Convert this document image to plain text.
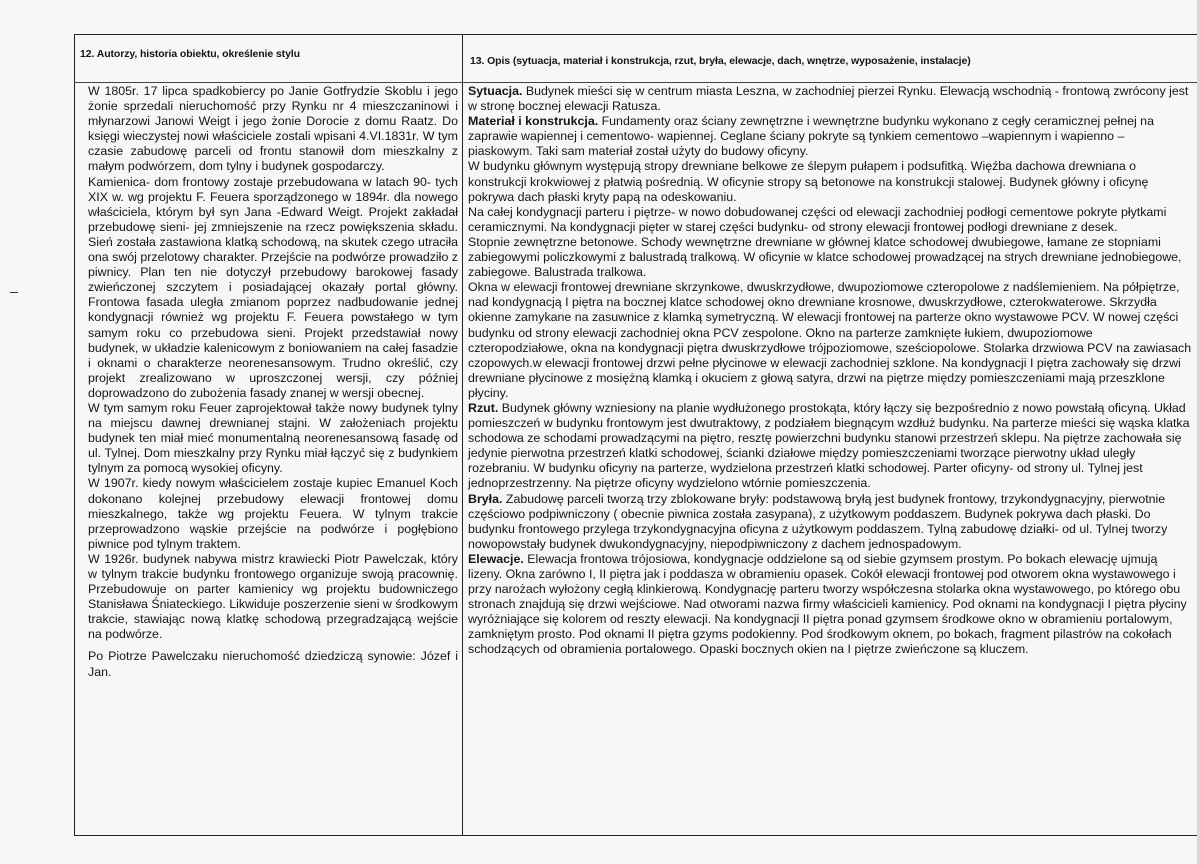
12. Autorzy, historia obiektu, określenie stylu
13. Opis (sytuacja, materiał i konstrukcja, rzut, bryła, elewacje, dach, wnętrze, wyposażenie, instalacje)

W 1805r. 17 lipca spadkobiercy po Janie Gotfrydzie Skoblu i jego żonie sprzedali nieruchomość przy Rynku nr 4 mieszczaninowi i młynarzowi Janowi Weigt i jego żonie Dorocie z domu Raatz. Do księgi wieczystej nowi właściciele zostali wpisani 4.VI.1831r. W tym czasie zabudowę parceli od frontu stanowił dom mieszkalny z małym podwórzem, dom tylny i budynek gospodarczy.

Kamienica- dom frontowy zostaje przebudowana w latach 90- tych XIX w. wg projektu F. Feuera sporządzonego w 1894r. dla nowego właściciela, którym był syn Jana -Edward Weigt. Projekt zakładał przebudowę sieni- jej zmniejszenie na rzecz powiększenia składu. Sień została zastawiona klatką schodową, na skutek czego utraciła ona swój przelotowy charakter. Przejście na podwórze prowadziło z piwnicy. Plan ten nie dotyczył przebudowy barokowej fasady zwieńczonej szczytem i posiadającej okazały portal główny. Frontowa fasada uległa zmianom poprzez nadbudowanie jednej kondygnacji również wg projektu F. Feuera powstałego w tym samym roku co przebudowa sieni. Projekt przedstawiał nowy budynek, w układzie kalenicowym z boniowaniem na całej fasadzie i oknami o charakterze neorenesansowym. Trudno określić, czy projekt zrealizowano w uproszczonej wersji, czy później doprowadzono do zubożenia fasady znanej w wersji obecnej.

W tym samym roku Feuer zaprojektował także nowy budynek tylny na miejscu dawnej drewnianej stajni. W założeniach projektu budynek ten miał mieć monumentalną neorenesansową fasadę od ul. Tylnej. Dom mieszkalny przy Rynku miał łączyć się z budynkiem tylnym za pomocą wysokiej oficyny.

W 1907r. kiedy nowym właścicielem zostaje kupiec Emanuel Koch dokonano kolejnej przebudowy elewacji frontowej domu mieszkalnego, także wg projektu Feuera. W tylnym trakcie przeprowadzono wąskie przejście na podwórze i pogłębiono piwnice pod tylnym traktem.

W 1926r. budynek nabywa mistrz krawiecki Piotr Pawelczak, który w tylnym trakcie budynku frontowego organizuje swoją pracownię. Przebudowuje on parter kamienicy wg projektu budowniczego Stanisława Śniateckiego. Likwiduje poszerzenie sieni w środkowym trakcie, stawiając nową klatkę schodową przegradzającą wejście na podwórze.

Po Piotrze Pawelczaku nieruchomość dziedziczą synowie: Józef i Jan.

Sytuacja. Budynek mieści się w centrum miasta Leszna, w zachodniej pierzei Rynku. Elewacją wschodnią - frontową zwrócony jest w stronę bocznej elewacji Ratusza.

Materiał i konstrukcja. Fundamenty oraz ściany zewnętrzne i wewnętrzne budynku wykonano z cegły ceramicznej pełnej na zaprawie wapiennej i cementowo- wapiennej. Ceglane ściany pokryte są tynkiem cementowo –wapiennym i wapienno – piaskowym. Taki sam materiał został użyty do budowy oficyny.

W budynku głównym występują stropy drewniane belkowe ze ślepym pułapem i podsufitką. Więźba dachowa drewniana o konstrukcji krokwiowej z płatwią pośrednią. W oficynie stropy są betonowe na konstrukcji stalowej. Budynek główny i oficynę pokrywa dach płaski kryty papą na odeskowaniu.

Na całej kondygnacji parteru i piętrze- w nowo dobudowanej części od elewacji zachodniej podłogi cementowe pokryte płytkami ceramicznymi. Na kondygnacji pięter w starej części budynku- od strony elewacji frontowej podłogi drewniane z desek.

Stopnie zewnętrzne betonowe. Schody wewnętrzne drewniane w głównej klatce schodowej dwubiegowe, łamane ze stopniami zabiegowymi policzkowymi z balustradą tralkową. W oficynie w klatce schodowej prowadzącej na strych drewniane jednobiegowe, zabiegowe. Balustrada tralkowa.

Okna w elewacji frontowej drewniane skrzynkowe, dwuskrzydłowe, dwupoziomowe czteropolowe z nadślemieniem. Na półpiętrze, nad kondygnacją I piętra na bocznej klatce schodowej okno drewniane krosnowe, dwuskrzydłowe, czterokwaterowe. Skrzydła okienne zamykane na zasuwnice z klamką symetryczną. W elewacji frontowej na parterze okno wystawowe PCV. W nowej części budynku od strony elewacji zachodniej okna PCV zespolone. Okno na parterze zamknięte łukiem, dwupoziomowe czteropodziałowe, okna na kondygnacji piętra dwuskrzydłowe trójpoziomowe, sześciopolowe. Stolarka drzwiowa PCV na zawiasach czopowych.w elewacji frontowej drzwi pełne płycinowe w elewacji zachodniej szklone. Na kondygnacji I piętra zachowały się drzwi drewniane płycinowe z mosiężną klamką i okuciem z głową satyra, drzwi na piętrze między pomieszczeniami mają przeszklone płyciny.

Rzut. Budynek główny wzniesiony na planie wydłużonego prostokąta, który łączy się bezpośrednio z nowo powstałą oficyną. Układ pomieszczeń w budynku frontowym jest dwutraktowy, z podziałem biegnącym wzdłuż budynku. Na parterze mieści się wąska klatka schodowa ze schodami prowadzącymi na piętro, resztę powierzchni budynku stanowi przestrzeń sklepu. Na piętrze zachowała się jedynie pierwotna przestrzeń klatki schodowej, ścianki działowe między pomieszczeniami tworzące pierwotny układ uległy rozebraniu. W budynku oficyny na parterze, wydzielona przestrzeń klatki schodowej. Parter oficyny- od strony ul. Tylnej jest jednoprzestrzenny. Na piętrze oficyny wydzielono wtórnie pomieszczenia.

Bryła. Zabudowę parceli tworzą trzy zblokowane bryły: podstawową bryłą jest budynek frontowy, trzykondygnacyjny, pierwotnie częściowo podpiwniczony ( obecnie piwnica została zasypana), z użytkowym poddaszem. Budynek pokrywa dach płaski. Do budynku frontowego przylega trzykondygnacyjna oficyna z użytkowym poddaszem. Tylną zabudowę działki- od ul. Tylnej tworzy nowopowstały budynek dwukondygnacyjny, niepodpiwniczony z dachem jednospadowym.

Elewacje. Elewacja frontowa trójosiowa, kondygnacje oddzielone są od siebie gzymsem prostym. Po bokach elewację ujmują lizeny. Okna zarówno I, II piętra jak i poddasza w obramieniu opasek. Cokół elewacji frontowej pod otworem okna wystawowego i przy narożach wyłożony cegłą klinkierową. Kondygnację parteru tworzy współczesna stolarka okna wystawowego, po którego obu stronach znajdują się drzwi wejściowe. Nad otworami nazwa firmy właścicieli kamienicy. Pod oknami na kondygnacji I piętra płyciny wyróżniające się kolorem od reszty elewacji. Na kondygnacji II piętra ponad gzymsem środkowe okno w obramieniu portalowym, zamkniętym prosto. Pod oknami II piętra gzyms podokienny. Pod środkowym oknem, po bokach, fragment pilastrów na cokołach schodzących od obramienia portalowego. Opaski bocznych okien na I piętrze zwieńczone są kluczem.
